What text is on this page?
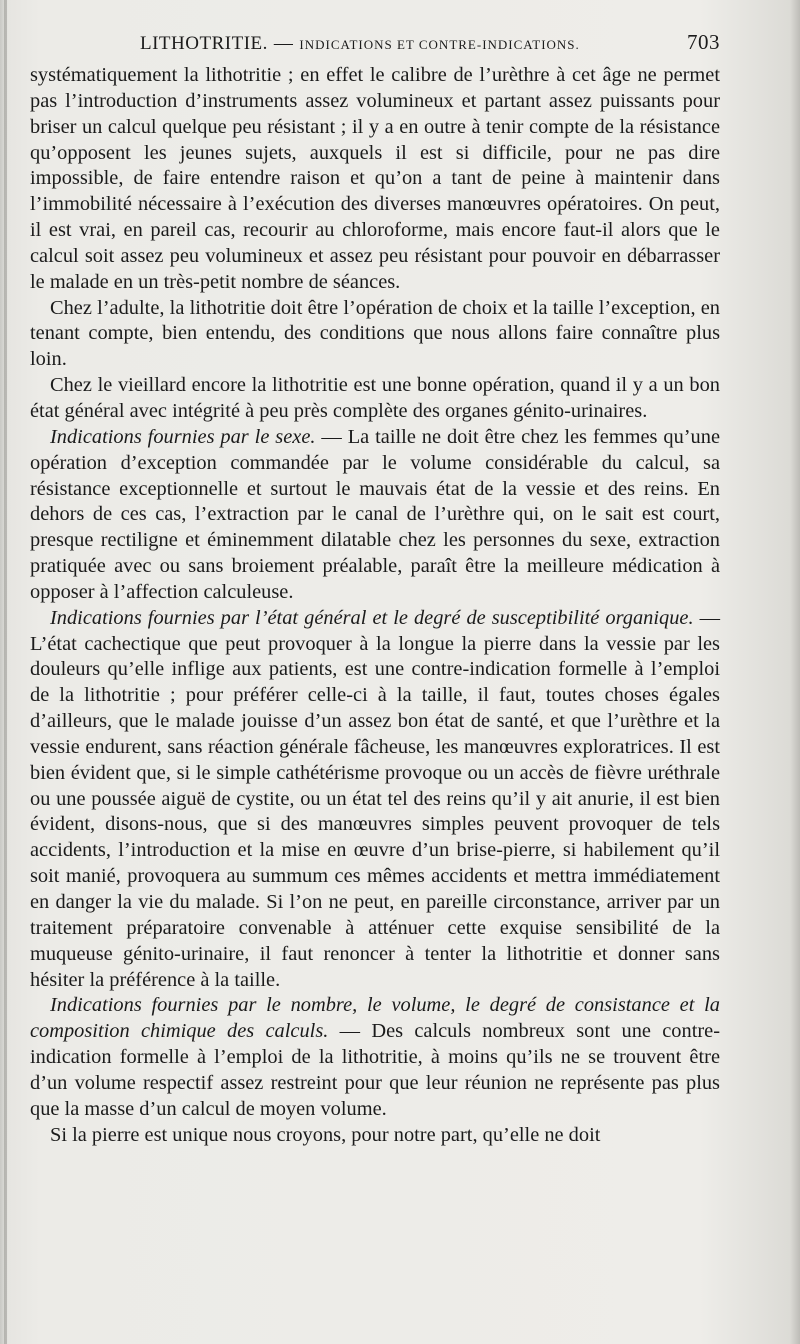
LITHOTRITIE. — INDICATIONS ET CONTRE-INDICATIONS.	703

systématiquement la lithotritie ; en effet le calibre de l’urèthre à cet âge ne permet pas l’introduction d’instruments assez volumineux et partant assez puissants pour briser un calcul quelque peu résistant ; il y a en outre à tenir compte de la résistance qu’opposent les jeunes sujets, auxquels il est si difficile, pour ne pas dire impossible, de faire entendre raison et qu’on a tant de peine à maintenir dans l’immobilité nécessaire à l’exécution des diverses manœuvres opératoires. On peut, il est vrai, en pareil cas, recourir au chloroforme, mais encore faut-il alors que le calcul soit assez peu volumineux et assez peu résistant pour pouvoir en débarrasser le malade en un très-petit nombre de séances.

Chez l’adulte, la lithotritie doit être l’opération de choix et la taille l’exception, en tenant compte, bien entendu, des conditions que nous allons faire connaître plus loin.

Chez le vieillard encore la lithotritie est une bonne opération, quand il y a un bon état général avec intégrité à peu près complète des organes génito-urinaires.

Indications fournies par le sexe. — La taille ne doit être chez les femmes qu’une opération d’exception commandée par le volume considérable du calcul, sa résistance exceptionnelle et surtout le mauvais état de la vessie et des reins. En dehors de ces cas, l’extraction par le canal de l’urèthre qui, on le sait est court, presque rectiligne et éminemment dilatable chez les personnes du sexe, extraction pratiquée avec ou sans broiement préalable, paraît être la meilleure médication à opposer à l’affection calculeuse.

Indications fournies par l’état général et le degré de susceptibilité organique. — L’état cachectique que peut provoquer à la longue la pierre dans la vessie par les douleurs qu’elle inflige aux patients, est une contre-indication formelle à l’emploi de la lithotritie ; pour préférer celle-ci à la taille, il faut, toutes choses égales d’ailleurs, que le malade jouisse d’un assez bon état de santé, et que l’urèthre et la vessie endurent, sans réaction générale fâcheuse, les manœuvres exploratrices. Il est bien évident que, si le simple cathétérisme provoque ou un accès de fièvre uréthrale ou une poussée aiguë de cystite, ou un état tel des reins qu’il y ait anurie, il est bien évident, disons-nous, que si des manœuvres simples peuvent provoquer de tels accidents, l’introduction et la mise en œuvre d’un brise-pierre, si habilement qu’il soit manié, provoquera au summum ces mêmes accidents et mettra immédiatement en danger la vie du malade. Si l’on ne peut, en pareille circonstance, arriver par un traitement préparatoire convenable à atténuer cette exquise sensibilité de la muqueuse génito-urinaire, il faut renoncer à tenter la lithotritie et donner sans hésiter la préférence à la taille.

Indications fournies par le nombre, le volume, le degré de consistance et la composition chimique des calculs. — Des calculs nombreux sont une contre-indication formelle à l’emploi de la lithotritie, à moins qu’ils ne se trouvent être d’un volume respectif assez restreint pour que leur réunion ne représente pas plus que la masse d’un calcul de moyen volume.

Si la pierre est unique nous croyons, pour notre part, qu’elle ne doit
